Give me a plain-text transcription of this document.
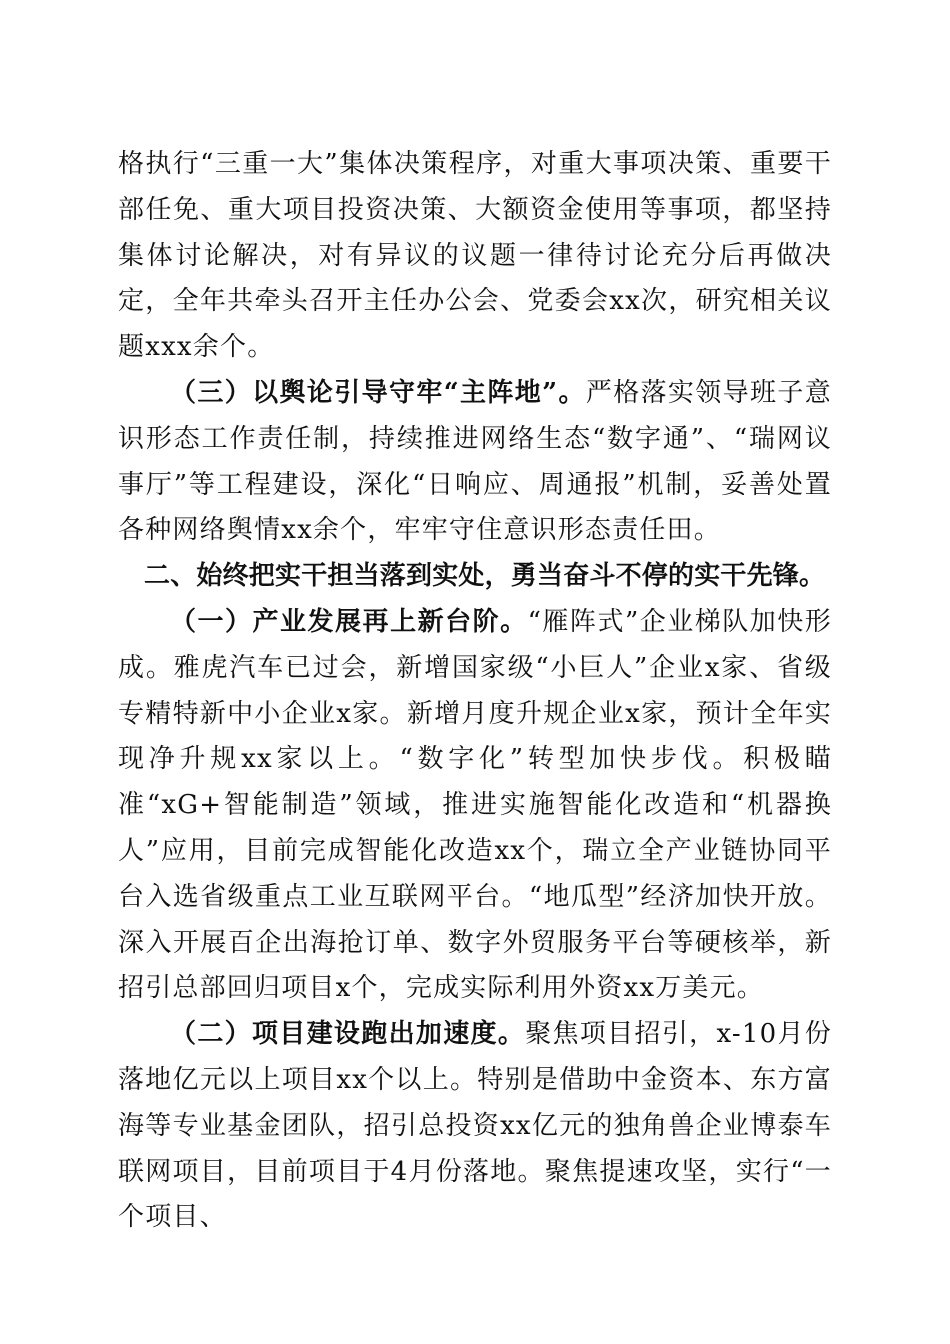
格执行“三重一大”集体决策程序，对重大事项决策、重要干部任免、重大项目投资决策、大额资金使用等事项，都坚持集体讨论解决，对有异议的议题一律待讨论充分后再做决定，全年共牵头召开主任办公会、党委会xx次，研究相关议题xxx余个。

（三）以舆论引导守牢“主阵地”。严格落实领导班子意识形态工作责任制，持续推进网络生态“数字通”、“瑞网议事厅”等工程建设，深化“日响应、周通报”机制，妥善处置各种网络舆情xx余个，牢牢守住意识形态责任田。

二、始终把实干担当落到实处，勇当奋斗不停的实干先锋。

（一）产业发展再上新台阶。“雁阵式”企业梯队加快形成。雅虎汽车已过会，新增国家级“小巨人”企业x家、省级专精特新中小企业x家。新增月度升规企业x家，预计全年实现净升规xx家以上。“数字化”转型加快步伐。积极瞄准“xG+智能制造”领域，推进实施智能化改造和“机器换人”应用，目前完成智能化改造xx个，瑞立全产业链协同平台入选省级重点工业互联网平台。“地瓜型”经济加快开放。深入开展百企出海抢订单、数字外贸服务平台等硬核举，新招引总部回归项目x个，完成实际利用外资xx万美元。

（二）项目建设跑出加速度。聚焦项目招引，x-10月份落地亿元以上项目xx个以上。特别是借助中金资本、东方富海等专业基金团队，招引总投资xx亿元的独角兽企业博泰车联网项目，目前项目于4月份落地。聚焦提速攻坚，实行“一个项目、
